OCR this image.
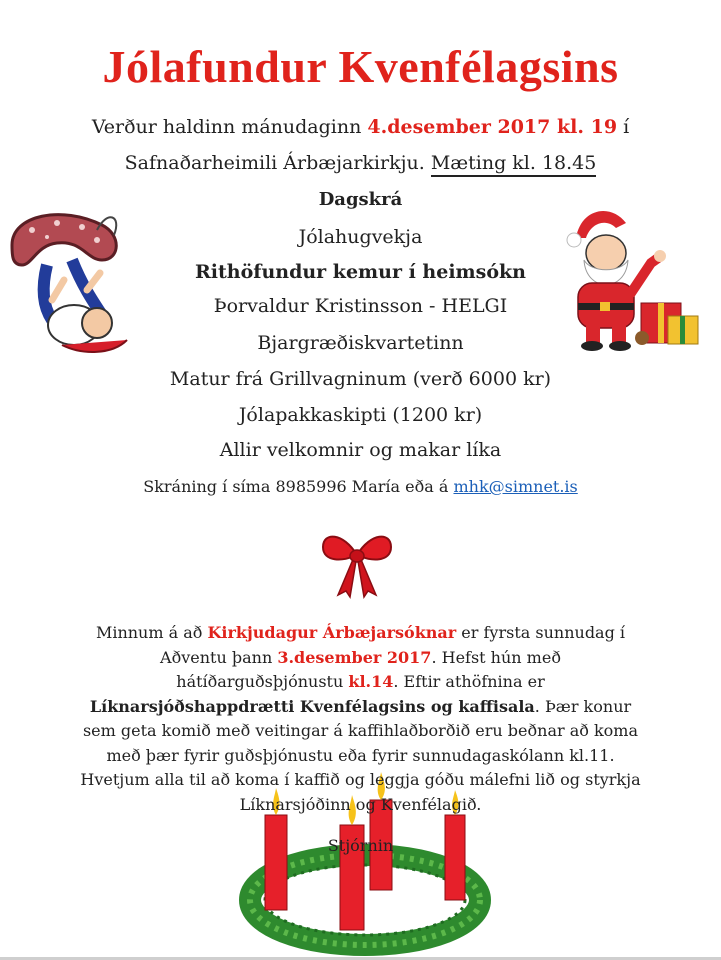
Jólafundur Kvenfélagsins
Verður haldinn mánudaginn 4.desember 2017 kl. 19 í
Safnaðarheimili Árbæjarkirkju. Mæting kl. 18.45
Dagskrá
Jólahugvekja
Rithöfundur kemur í heimsókn
Þorvaldur Kristinsson - HELGI
Bjargræðiskvartetinn
Matur frá Grillvagninum (verð 6000 kr)
Jólapakkaskipti (1200 kr)
Allir velkomnir og makar líka
Skráning í síma 8985996 María eða á mhk@simnet.is
Minnum á að Kirkjudagur Árbæjarsóknar er fyrsta sunnudag í Aðventu þann 3.desember 2017. Hefst hún með hátíðarguðsþjónustu kl.14. Eftir athöfnina er Líknarsjóðshappdrætti Kvenfélagsins og kaffisala. Þær konur sem geta komið með veitingar á kaffihlaðborðið eru beðnar að koma með þær fyrir guðsþjónustu eða fyrir sunnudagaskólann kl.11. Hvetjum alla til að koma í kaffið og leggja góðu málefni lið og styrkja Líknarsjóðinn og Kvenfélagið.
Stjórnin
